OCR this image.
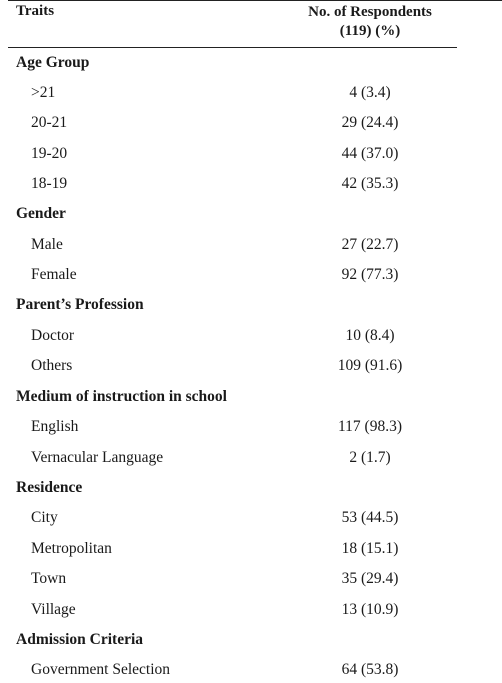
Traits	No. of Respondents
(119) (%)
Age Group
>21	4 (3.4)
20-21	29 (24.4)
19-20	44 (37.0)
18-19	42 (35.3)
Gender
Male	27 (22.7)
Female	92 (77.3)
Parent’s Profession
Doctor	10 (8.4)
Others	109 (91.6)
Medium of instruction in school
English	117 (98.3)
Vernacular Language	2 (1.7)
Residence
City	53 (44.5)
Metropolitan	18 (15.1)
Town	35 (29.4)
Village	13 (10.9)
Admission Criteria
Government Selection	64 (53.8)
